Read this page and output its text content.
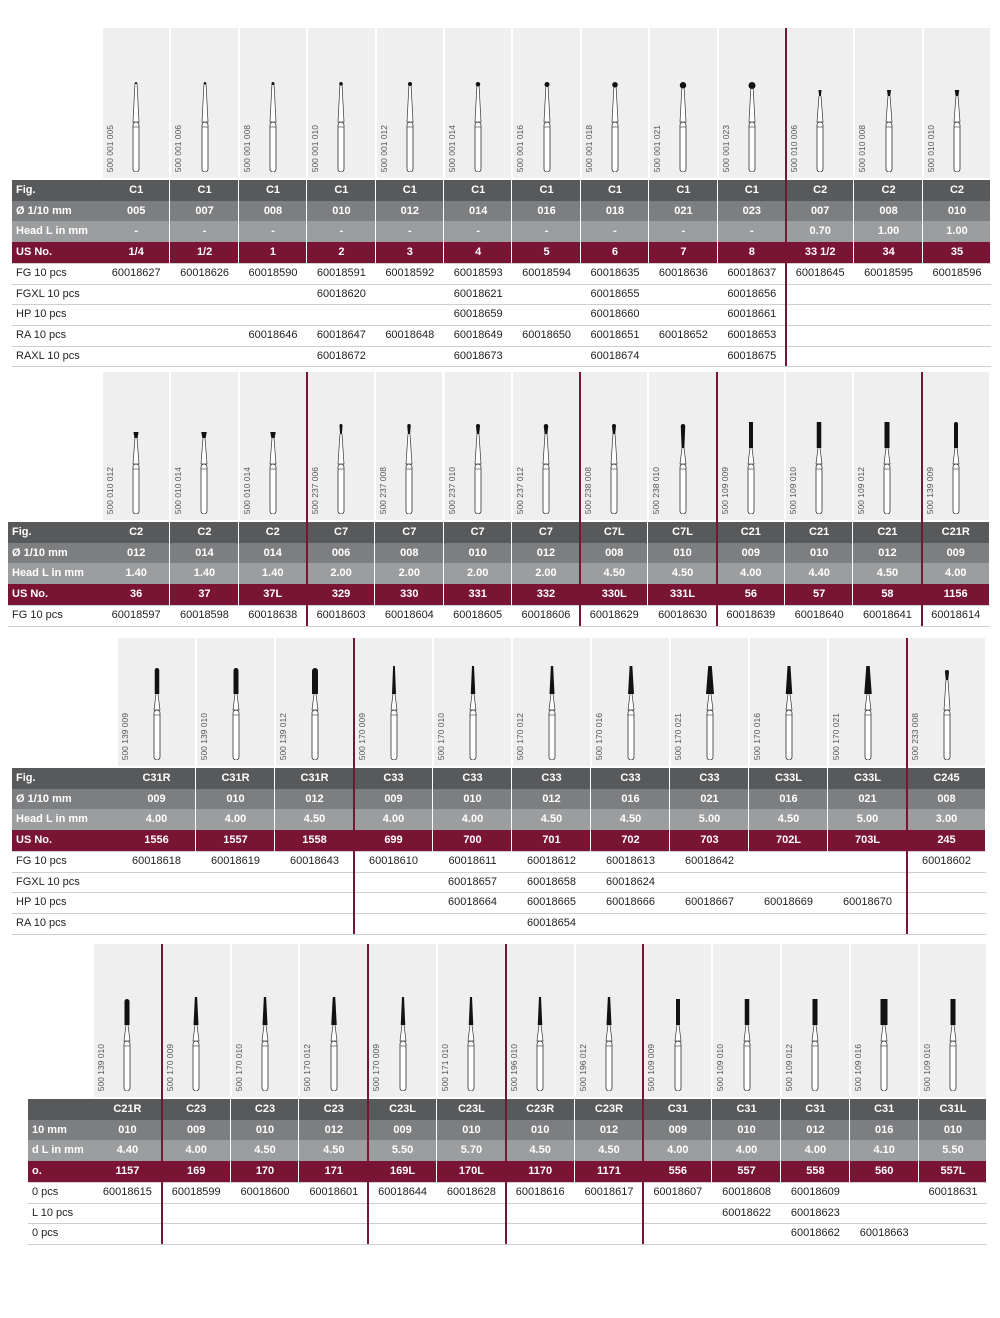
Fig.
Ø 1/10 mm
Head L in mm
US No.
FG 10 pcs
FGXL 10 pcs
HP 10 pcs
RA 10 pcs
RAXL 10 pcs
500 001 005
C1
005
-
1/4
60018627
500 001 006
C1
007
-
1/2
60018626
500 001 008
C1
008
-
1
60018590
60018646
500 001 010
C1
010
-
2
60018591
60018620
60018647
60018672
500 001 012
C1
012
-
3
60018592
60018648
500 001 014
C1
014
-
4
60018593
60018621
60018659
60018649
60018673
500 001 016
C1
016
-
5
60018594
60018650
500 001 018
C1
018
-
6
60018635
60018655
60018660
60018651
60018674
500 001 021
C1
021
-
7
60018636
60018652
500 001 023
C1
023
-
8
60018637
60018656
60018661
60018653
60018675
500 010 006
C2
007
0.70
33 1/2
60018645
500 010 008
C2
008
1.00
34
60018595
500 010 010
C2
010
1.00
35
60018596
Fig.
Ø 1/10 mm
Head L in mm
US No.
FG 10 pcs
500 010 012
C2
012
1.40
36
60018597
500 010 014
C2
014
1.40
37
60018598
500 010 014
C2
014
1.40
37L
60018638
500 237 006
C7
006
2.00
329
60018603
500 237 008
C7
008
2.00
330
60018604
500 237 010
C7
010
2.00
331
60018605
500 237 012
C7
012
2.00
332
60018606
500 238 008
C7L
008
4.50
330L
60018629
500 238 010
C7L
010
4.50
331L
60018630
500 109 009
C21
009
4.00
56
60018639
500 109 010
C21
010
4.40
57
60018640
500 109 012
C21
012
4.50
58
60018641
500 139 009
C21R
009
4.00
1156
60018614
Fig.
Ø 1/10 mm
Head L in mm
US No.
FG 10 pcs
FGXL 10 pcs
HP 10 pcs
RA 10 pcs
500 139 009
C31R
009
4.00
1556
60018618
500 139 010
C31R
010
4.00
1557
60018619
500 139 012
C31R
012
4.50
1558
60018643
500 170 009
C33
009
4.00
699
60018610
500 170 010
C33
010
4.00
700
60018611
60018657
60018664
500 170 012
C33
012
4.50
701
60018612
60018658
60018665
60018654
500 170 016
C33
016
4.50
702
60018613
60018624
60018666
500 170 021
C33
021
5.00
703
60018642
60018667
500 170 016
C33L
016
4.50
702L
60018669
500 170 021
C33L
021
5.00
703L
60018670
500 233 008
C245
008
3.00
245
60018602
10 mm
d L in mm
o.
0 pcs
L 10 pcs
0 pcs
500 139 010
C21R
010
4.40
1157
60018615
500 170 009
C23
009
4.00
169
60018599
500 170 010
C23
010
4.50
170
60018600
500 170 012
C23
012
4.50
171
60018601
500 170 009
C23L
009
5.50
169L
60018644
500 171 010
C23L
010
5.70
170L
60018628
500 196 010
C23R
010
4.50
1170
60018616
500 196 012
C23R
012
4.50
1171
60018617
500 109 009
C31
009
4.00
556
60018607
500 109 010
C31
010
4.00
557
60018608
60018622
500 109 012
C31
012
4.00
558
60018609
60018623
60018662
500 109 016
C31
016
4.10
560
60018663
500 109 010
C31L
010
5.50
557L
60018631
